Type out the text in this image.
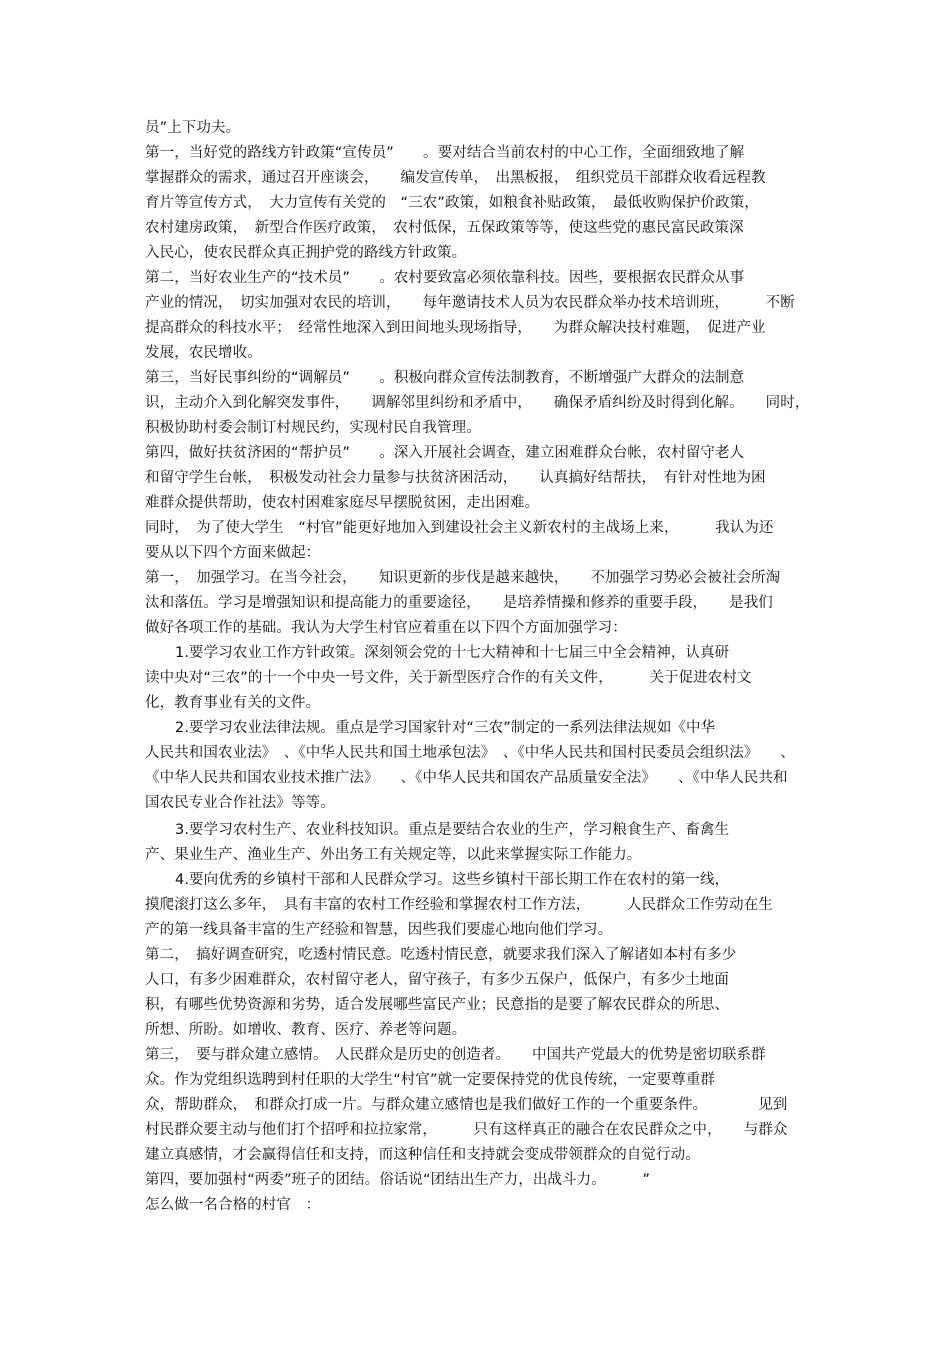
员”上下功夫。
第一，当好党的路线方针政策“宣传员”　　。要对结合当前农村的中心工作，全面细致地了解
掌握群众的需求，通过召开座谈会，　　编发宣传单，　出黑板报，　组织党员干部群众收看远程教
育片等宣传方式，　大力宣传有关党的　“三农”政策，如粮食补贴政策，　最低收购保护价政策，
农村建房政策，　新型合作医疗政策，　农村低保，五保政策等等，使这些党的惠民富民政策深
入民心，使农民群众真正拥护党的路线方针政策。
第二，当好农业生产的“技术员”　　。农村要致富必须依靠科技。因些，要根据农民群众从事
产业的情况，　切实加强对农民的培训，　　每年邀请技术人员为农民群众举办技术培训班，　　　不断
提高群众的科技水平；　经常性地深入到田间地头现场指导，　　为群众解决技村难题，　促进产业
发展，农民增收。
第三，当好民事纠纷的“调解员”　　。积极向群众宣传法制教育，不断增强广大群众的法制意
识，主动介入到化解突发事件，　　调解邻里纠纷和矛盾中，　　确保矛盾纠纷及时得到化解。　　同时，
积极协助村委会制订村规民约，实现村民自我管理。
第四，做好扶贫济困的“帮护员”　　。深入开展社会调查，建立困难群众台帐，农村留守老人
和留守学生台帐，　积极发动社会力量参与扶贫济困活动，　　认真搞好结帮扶，　有针对性地为困
难群众提供帮助，使农村困难家庭尽早摆脱贫困，走出困难。
同时，　为了使大学生　“村官”能更好地加入到建设社会主义新农村的主战场上来，　　　我认为还
要从以下四个方面来做起：
第一，　加强学习。在当今社会，　　知识更新的步伐是越来越快，　　不加强学习势必会被社会所淘
汰和落伍。学习是增强知识和提高能力的重要途径，　　是培养情操和修养的重要手段，　　是我们
做好各项工作的基础。我认为大学生村官应着重在以下四个方面加强学习：
1.要学习农业工作方针政策。深刻领会党的十七大精神和十七届三中全会精神，认真研
读中央对“三农”的十一个中央一号文件，关于新型医疗合作的有关文件，　　　关于促进农村文
化，教育事业有关的文件。
2.要学习农业法律法规。重点是学习国家针对“三农”制定的一系列法律法规如《中华
人民共和国农业法》　、《中华人民共和国土地承包法》　、《中华人民共和国村民委员会组织法》　　、
《中华人民共和国农业技术推广法》　　、《中华人民共和国农产品质量安全法》　　、《中华人民共和
国农民专业合作社法》等等。
3.要学习农村生产、农业科技知识。重点是要结合农业的生产，学习粮食生产、畜禽生
产、果业生产、渔业生产、外出务工有关规定等，以此来掌握实际工作能力。
4.要向优秀的乡镇村干部和人民群众学习。这些乡镇村干部长期工作在农村的第一线，
摸爬滚打这么多年，　具有丰富的农村工作经验和掌握农村工作方法，　　　人民群众工作劳动在生
产的第一线具备丰富的生产经验和智慧，因些我们要虚心地向他们学习。
第二，　搞好调查研究，吃透村情民意。吃透村情民意，就要求我们深入了解诸如本村有多少
人口，有多少困难群众，农村留守老人，留守孩子，有多少五保户，低保户，有多少土地面
积，有哪些优势资源和劣势，适合发展哪些富民产业；民意指的是要了解农民群众的所思、
所想、所盼。如增收、教育、医疗、养老等问题。
第三，　要与群众建立感情。　人民群众是历史的创造者。　　中国共产党最大的优势是密切联系群
众。作为党组织选聘到村任职的大学生“村官”就一定要保持党的优良传统，一定要尊重群
众，帮助群众，　和群众打成一片。与群众建立感情也是我们做好工作的一个重要条件。　　　　见到
村民群众要主动与他们打个招呼和拉拉家常，　　　只有这样真正的融合在农民群众之中，　　与群众
建立真感情，才会赢得信任和支持，而这种信任和支持就会变成带领群众的自觉行动。
第四，要加强村“两委”班子的团结。俗话说“团结出生产力，出战斗力。　　　”
怎么做一名合格的村官　：
